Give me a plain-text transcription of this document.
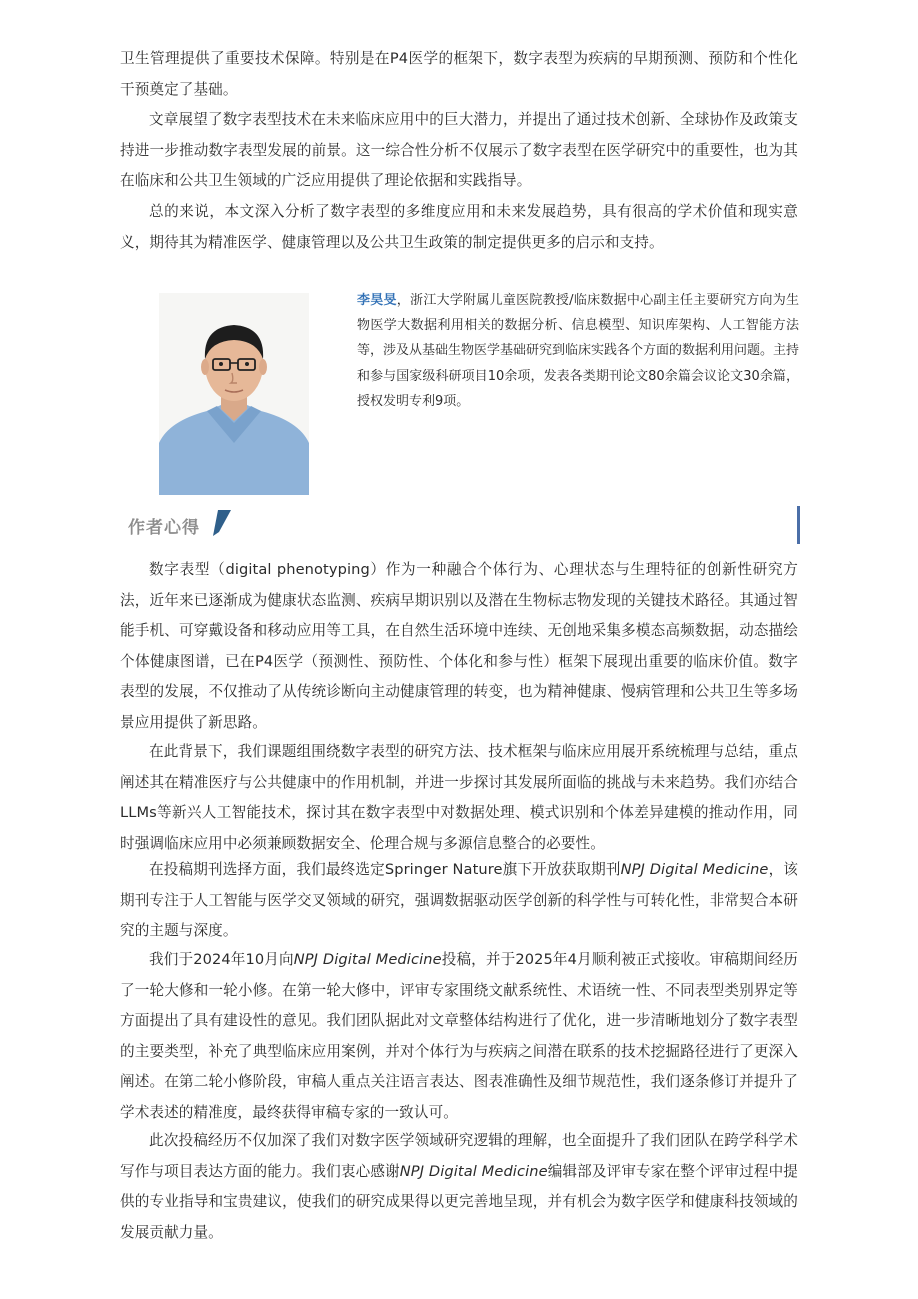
卫生管理提供了重要技术保障。特别是在P4医学的框架下，数字表型为疾病的早期预测、预防和个性化干预奠定了基础。

文章展望了数字表型技术在未来临床应用中的巨大潜力，并提出了通过技术创新、全球协作及政策支持进一步推动数字表型发展的前景。这一综合性分析不仅展示了数字表型在医学研究中的重要性，也为其在临床和公共卫生领域的广泛应用提供了理论依据和实践指导。

总的来说，本文深入分析了数字表型的多维度应用和未来发展趋势，具有很高的学术价值和现实意义，期待其为精准医学、健康管理以及公共卫生政策的制定提供更多的启示和支持。

李昊旻，浙江大学附属儿童医院教授/临床数据中心副主任主要研究方向为生物医学大数据利用相关的数据分析、信息模型、知识库架构、人工智能方法等，涉及从基础生物医学基础研究到临床实践各个方面的数据利用问题。主持和参与国家级科研项目10余项，发表各类期刊论文80余篇会议论文30余篇，授权发明专利9项。

作者心得

数字表型（digital phenotyping）作为一种融合个体行为、心理状态与生理特征的创新性研究方法，近年来已逐渐成为健康状态监测、疾病早期识别以及潜在生物标志物发现的关键技术路径。其通过智能手机、可穿戴设备和移动应用等工具，在自然生活环境中连续、无创地采集多模态高频数据，动态描绘个体健康图谱，已在P4医学（预测性、预防性、个体化和参与性）框架下展现出重要的临床价值。数字表型的发展，不仅推动了从传统诊断向主动健康管理的转变，也为精神健康、慢病管理和公共卫生等多场景应用提供了新思路。

在此背景下，我们课题组围绕数字表型的研究方法、技术框架与临床应用展开系统梳理与总结，重点阐述其在精准医疗与公共健康中的作用机制，并进一步探讨其发展所面临的挑战与未来趋势。我们亦结合 LLMs等新兴人工智能技术，探讨其在数字表型中对数据处理、模式识别和个体差异建模的推动作用，同时强调临床应用中必须兼顾数据安全、伦理合规与多源信息整合的必要性。

在投稿期刊选择方面，我们最终选定Springer Nature旗下开放获取期刊NPJ Digital Medicine，该期刊专注于人工智能与医学交叉领域的研究，强调数据驱动医学创新的科学性与可转化性，非常契合本研究的主题与深度。

我们于2024年10月向NPJ Digital Medicine投稿，并于2025年4月顺利被正式接收。审稿期间经历了一轮大修和一轮小修。在第一轮大修中，评审专家围绕文献系统性、术语统一性、不同表型类别界定等方面提出了具有建设性的意见。我们团队据此对文章整体结构进行了优化，进一步清晰地划分了数字表型的主要类型，补充了典型临床应用案例，并对个体行为与疾病之间潜在联系的技术挖掘路径进行了更深入阐述。在第二轮小修阶段，审稿人重点关注语言表达、图表准确性及细节规范性，我们逐条修订并提升了学术表述的精准度，最终获得审稿专家的一致认可。

此次投稿经历不仅加深了我们对数字医学领域研究逻辑的理解，也全面提升了我们团队在跨学科学术写作与项目表达方面的能力。我们衷心感谢NPJ Digital Medicine编辑部及评审专家在整个评审过程中提供的专业指导和宝贵建议，使我们的研究成果得以更完善地呈现，并有机会为数字医学和健康科技领域的发展贡献力量。
